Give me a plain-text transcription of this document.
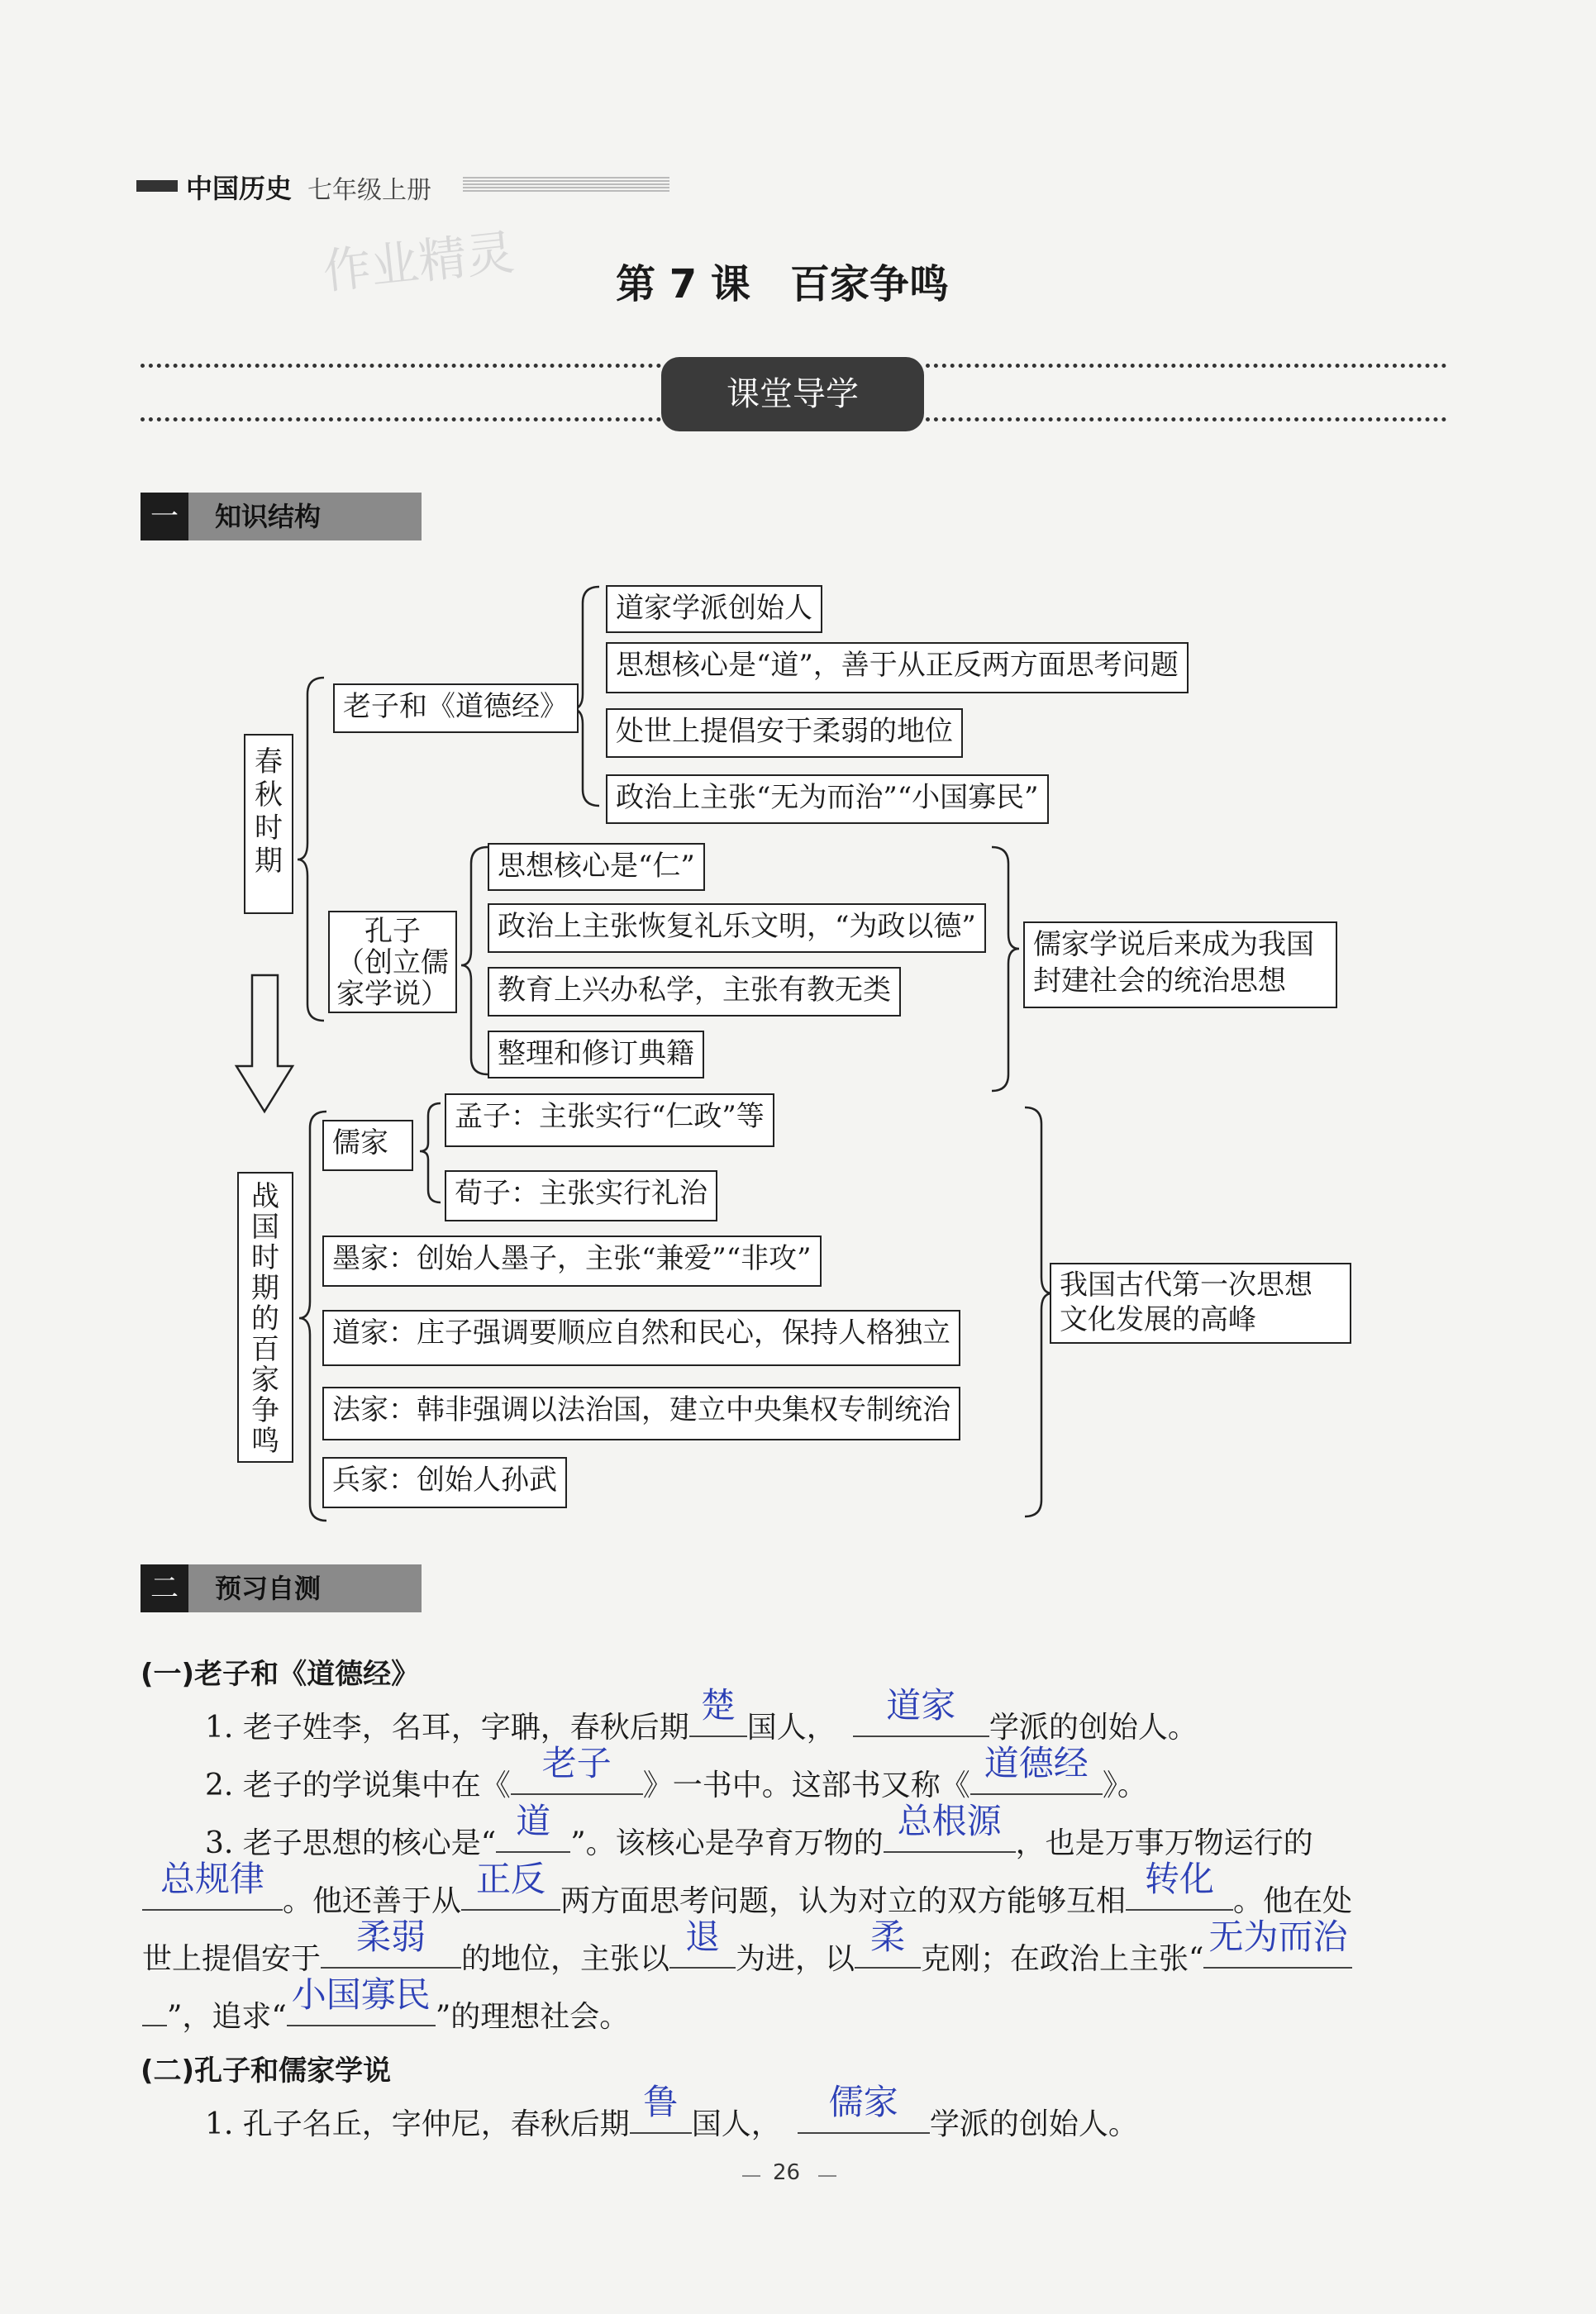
中国历史 七年级上册
作业精灵 第 7 课　百家争鸣
课堂导学
一	知识结构
春秋时期
老子和《道德经》
道家学派创始人
思想核心是“道”，善于从正反两方面思考问题
处世上提倡安于柔弱的地位
政治上主张“无为而治”“小国寡民”
孔子
（创立儒
家学说）
思想核心是“仁”
政治上主张恢复礼乐文明，“为政以德”
教育上兴办私学，主张有教无类
整理和修订典籍
儒家学说后来成为我国
封建社会的统治思想
战国时期的百家争鸣
儒家
孟子：主张实行“仁政”等
荀子：主张实行礼治
墨家：创始人墨子，主张“兼爱”“非攻”
道家：庄子强调要顺应自然和民心，保持人格独立
法家：韩非强调以法治国，建立中央集权专制统治
兵家：创始人孙武
我国古代第一次思想
文化发展的高峰
二	预习自测
(一)老子和《道德经》
1. 老子姓李，名耳，字聃，春秋后期
楚
国人，
道家
学派的创始人。
2. 老子的学说集中在《
老子
》一书中。这部书又称《
道德经
》。
3. 老子思想的核心是“
道
”。该核心是孕育万物的
总根源
，也是万事万物运行的
总规律
。他还善于从
正反
两方面思考问题，认为对立的双方能够互相
转化
。他在处
世上提倡安于
柔弱
的地位，主张以
退
为进，以
柔
克刚；在政治上主张“
无为而治
”，追求“
小国寡民
”的理想社会。
(二)孔子和儒家学说
1. 孔子名丘，字仲尼，春秋后期
鲁
国人，
儒家
学派的创始人。
26
